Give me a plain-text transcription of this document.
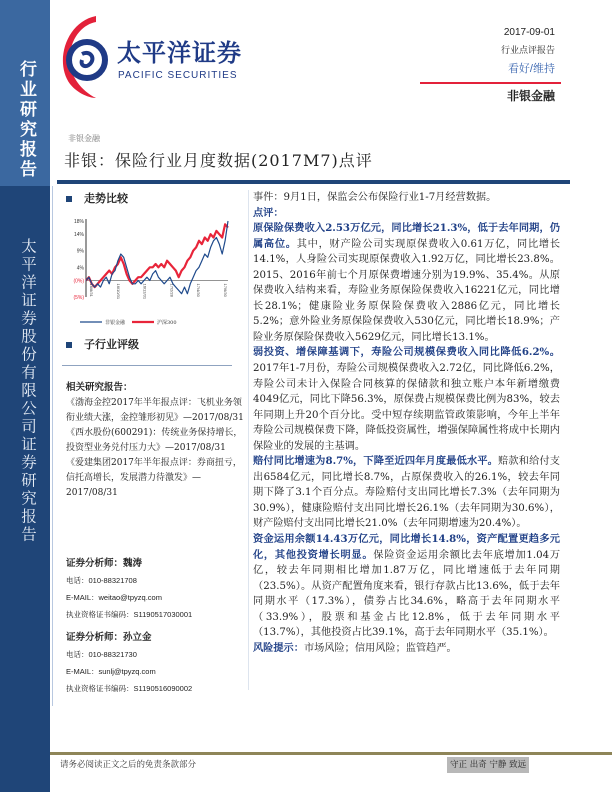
行业研究报告
太平洋证券股份有限公司证券研究报告
太平洋证券
PACIFIC SECURITIES
2017-09-01
行业点评报告
看好/维持
非银金融
非银金融
非银：保险行业月度数据(2017M7)点评
走势比较
18%
14%
9%
4%
(0%)
(5%)
16/8/31	16/10/31	16/12/31	17/2/28	17/4/30	17/6/30
非银金融	沪深300
子行业评级
相关研究报告：
《渤海金控2017年半年报点评：飞机业务领衔业绩大涨，金控雏形初见》—2017/08/31
《西水股份(600291)：传统业务保持增长，投资型业务兑付压力大》—2017/08/31
《爱建集团2017年半年报点评：券商扭亏，信托高增长，发展潜力待激发》—2017/08/31
证券分析师：魏涛
电话：010-88321708
E-MAIL：weitao@tpyzq.com
执业资格证书编码：S1190517030001
证券分析师：孙立金
电话：010-88321730
E-MAIL：sunlj@tpyzq.com
执业资格证书编码：S1190516090002

事件：9月1日，保监会公布保险行业1-7月经营数据。

点评：

原保险保费收入2.53万亿元，同比增长21.3%，低于去年同期，仍属高位。其中，财产险公司实现原保费收入0.61万亿，同比增长14.1%，人身险公司实现原保费收入1.92万亿，同比增长23.8%。2015、2016年前七个月原保费增速分别为19.9%、35.4%。从原保费收入结构来看，寿险业务原保险保费收入16221亿元，同比增长28.1%；健康险业务原保险保费收入2886亿元，同比增长5.2%；意外险业务原保险保费收入530亿元，同比增长18.9%；产险业务原保险保费收入5629亿元，同比增长13.1%。

弱投资、增保障基调下，寿险公司规模保费收入同比降低6.2%。2017年1-7月份，寿险公司规模保费收入2.72亿，同比降低6.2%，寿险公司未计入保险合同核算的保储款和独立账户本年新增缴费4049亿元，同比下降56.3%，原保费占规模保费比例为83%，较去年同期上升20个百分比。受中短存续期监管政策影响，今年上半年寿险公司规模保费下降，降低投资属性，增强保障属性将成中长期内保险业的发展的主基调。

赔付同比增速为8.7%，下降至近四年月度最低水平。赔款和给付支出6584亿元，同比增长8.7%，占原保费收入的26.1%，较去年同期下降了3.1个百分点。寿险赔付支出同比增长7.3%（去年同期为30.9%），健康险赔付支出同比增长26.1%（去年同期为30.6%），财产险赔付支出同比增长21.0%（去年同期增速为20.4%）。

资金运用余额14.43万亿元，同比增长14.8%，资产配置更趋多元化，其他投资增长明显。保险资金运用余额比去年底增加1.04万亿，较去年同期相比增加1.87万亿，同比增速低于去年同期（23.5%）。从资产配置角度来看，银行存款占比13.6%，低于去年同期水平（17.3%），债券占比34.6%，略高于去年同期水平（33.9%），股票和基金占比12.8%，低于去年同期水平（13.7%），其他投资占比39.1%，高于去年同期水平（35.1%）。

风险提示：市场风险；信用风险；监管趋严。

请务必阅读正文之后的免责条款部分	守正 出奇 宁静 致远
